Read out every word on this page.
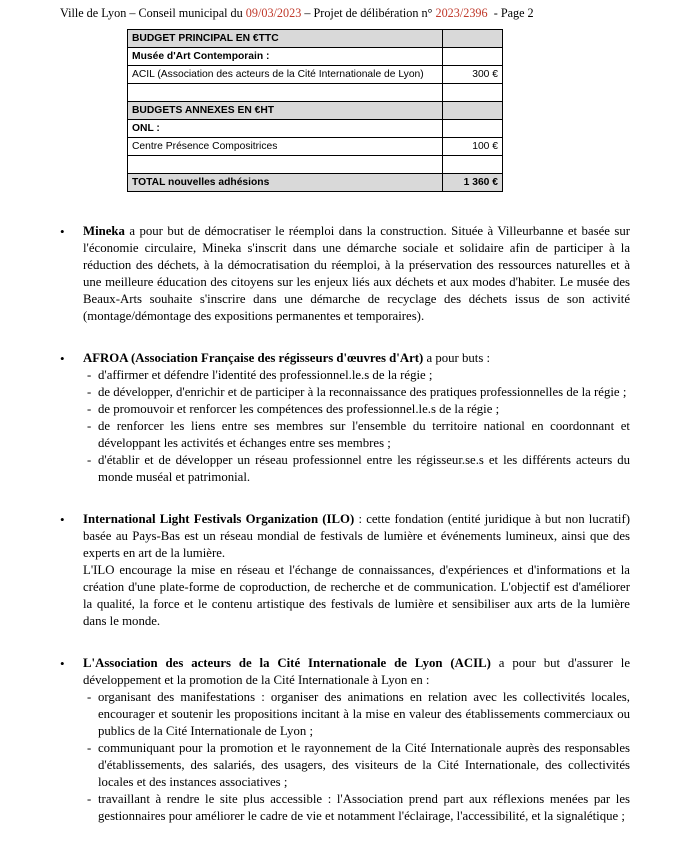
Ville de Lyon – Conseil municipal du 09/03/2023 – Projet de délibération n° 2023/2396  - Page 2
BUDGET PRINCIPAL EN €TTC	
Musée d'Art Contemporain :	
ACIL (Association des acteurs de la Cité Internationale de Lyon)	300 €

BUDGETS ANNEXES EN €HT	
ONL :	
Centre Présence Compositrices	100 €

TOTAL nouvelles adhésions	1 360 €
• Mineka a pour but de démocratiser le réemploi dans la construction. Située à Villeurbanne et basée sur l'économie circulaire, Mineka s'inscrit dans une démarche sociale et solidaire afin de participer à la réduction des déchets, à la démocratisation du réemploi, à la préservation des ressources naturelles et à une meilleure éducation des citoyens sur les enjeux liés aux déchets et aux modes d'habiter. Le musée des Beaux-Arts souhaite s'inscrire dans une démarche de recyclage des déchets issus de son activité (montage/démontage des expositions permanentes et temporaires).

• AFROA (Association Française des régisseurs d'œuvres d'Art) a pour buts :

- d'affirmer et défendre l'identité des professionnel.le.s de la régie ;
- de développer, d'enrichir et de participer à la reconnaissance des pratiques professionnelles de la régie ;
- de promouvoir et renforcer les compétences des professionnel.le.s de la régie ;
- de renforcer les liens entre ses membres sur l'ensemble du territoire national en coordonnant et développant les activités et échanges entre ses membres ;
- d'établir et de développer un réseau professionnel entre les régisseur.se.s et les différents acteurs du monde muséal et patrimonial.
• International Light Festivals Organization (ILO) : cette fondation (entité juridique à but non lucratif) basée au Pays-Bas est un réseau mondial de festivals de lumière et événements lumineux, ainsi que des experts en art de la lumière.

L'ILO encourage la mise en réseau et l'échange de connaissances, d'expériences et d'informations et la création d'une plate-forme de coproduction, de recherche et de communication. L'objectif est d'améliorer la qualité, la force et le contenu artistique des festivals de lumière et sensibiliser aux arts de la lumière dans le monde.

• L'Association des acteurs de la Cité Internationale de Lyon (ACIL) a pour but d'assurer le développement et la promotion de la Cité Internationale à Lyon en :

- organisant des manifestations : organiser des animations en relation avec les collectivités locales, encourager et soutenir les propositions incitant à la mise en valeur des établissements commerciaux ou publics de la Cité Internationale de Lyon ;
- communiquant pour la promotion et le rayonnement de la Cité Internationale auprès des responsables d'établissements, des salariés, des usagers, des visiteurs de la Cité Internationale, des collectivités locales et des instances associatives ;
- travaillant à rendre le site plus accessible : l'Association prend part aux réflexions menées par les gestionnaires pour améliorer le cadre de vie et notamment l'éclairage, l'accessibilité, et la signalétique ;
